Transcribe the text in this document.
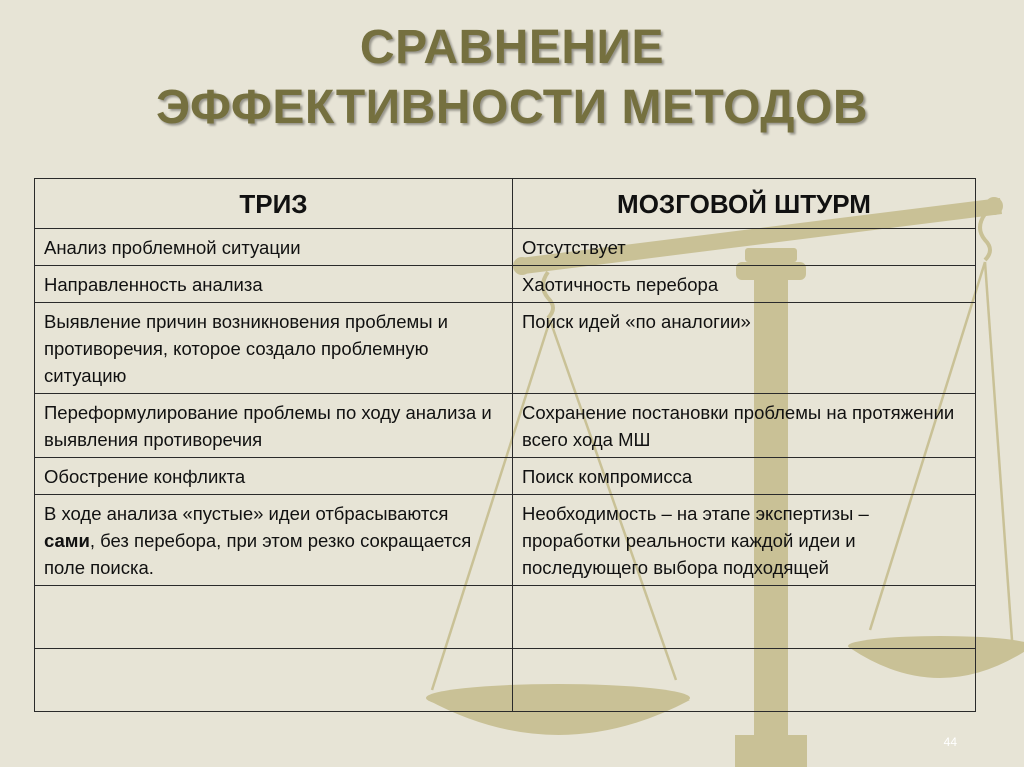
СРАВНЕНИЕ
ЭФФЕКТИВНОСТИ МЕТОДОВ
ТРИЗ	МОЗГОВОЙ ШТУРМ
Анализ проблемной ситуации	Отсутствует
Направленность анализа	Хаотичность перебора
Выявление причин возникновения проблемы и противоречия, которое создало проблемную ситуацию	Поиск идей «по аналогии»
Переформулирование проблемы по ходу анализа и выявления противоречия	Сохранение постановки проблемы на протяжении всего хода МШ
Обострение конфликта	Поиск компромисса
В ходе анализа «пустые» идеи отбрасываются сами, без перебора, при этом резко сокращается поле поиска.	Необходимость – на этапе экспертизы – проработки реальности каждой идеи и последующего выбора подходящей

44
